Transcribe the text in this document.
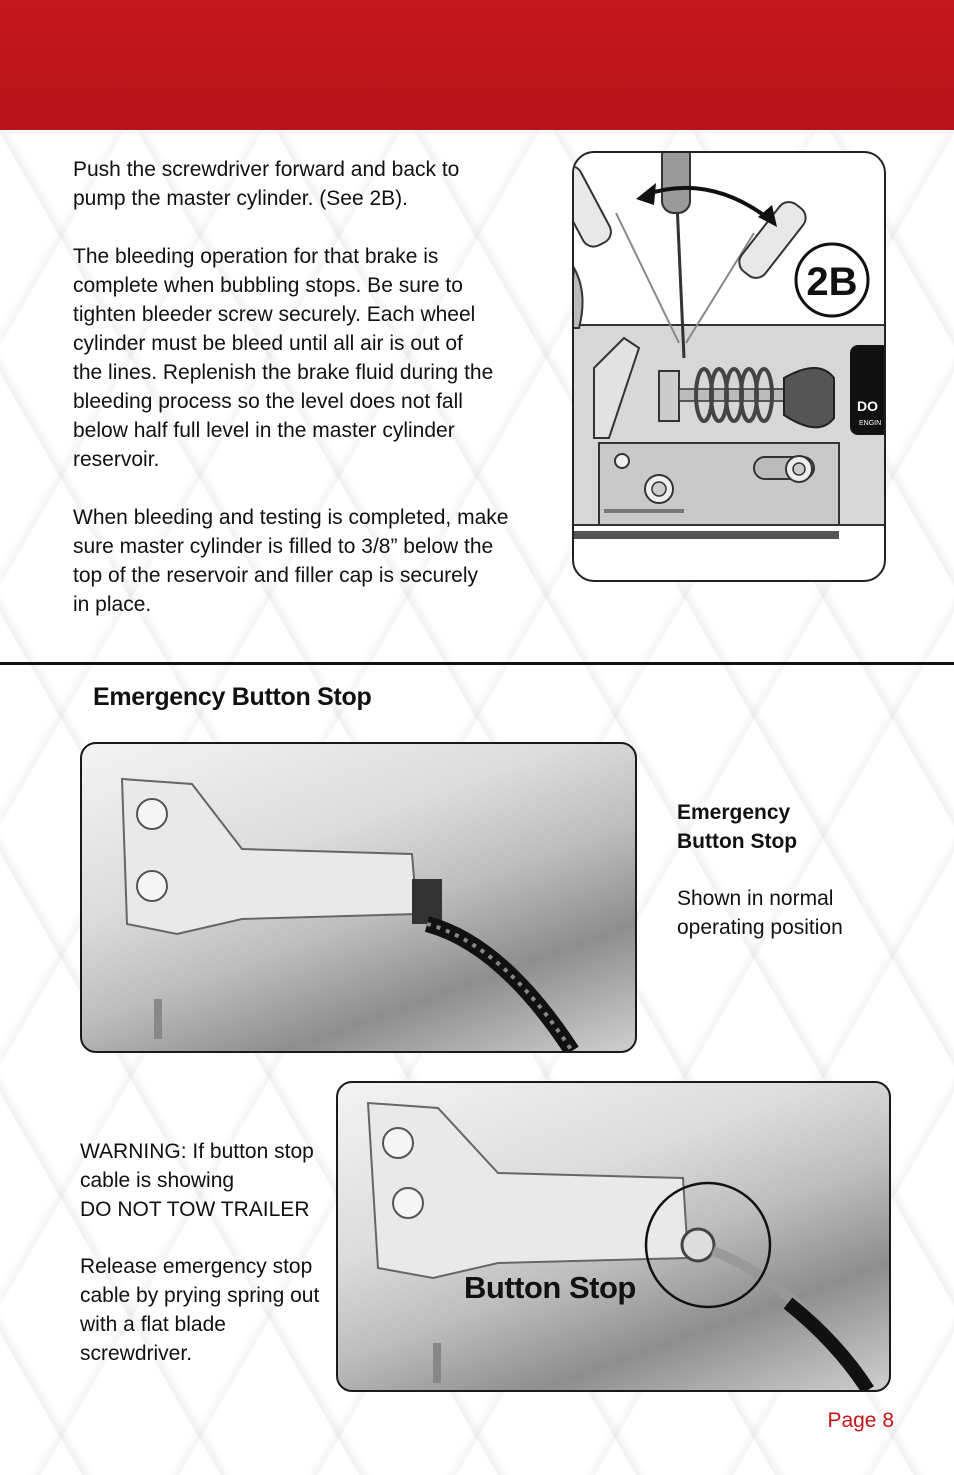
Push the screwdriver forward and back to
pump the master cylinder. (See 2B).

The bleeding operation for that brake is
complete when bubbling stops. Be sure to
tighten bleeder screw securely. Each wheel
cylinder must be bleed until all air is out of
the lines. Replenish the brake fluid during the
bleeding process so the level does not fall
below half full level in the master cylinder
reservoir.

When bleeding and testing is completed, make
sure master cylinder is filled to 3/8” below the
top of the reservoir and filler cap is securely
in place.

DO
ENGIN
2B
Emergency Button Stop

Emergency
Button Stop

Shown in normal
operating position

WARNING: If button stop
cable is showing
DO NOT TOW TRAILER

Release emergency stop
cable by prying spring out
with a flat blade
screwdriver.

Button Stop

Page 8
